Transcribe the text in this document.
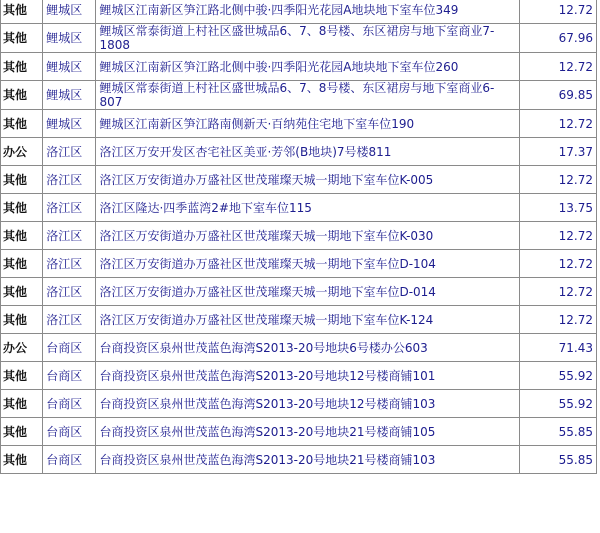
其他	鲤城区	鲤城区江南新区笋江路北侧中骏·四季阳光花园A地块地下室车位349	12.72
其他	鲤城区	鲤城区常泰街道上村社区盛世城品6、7、8号楼、东区裙房与地下室商业7-1808	67.96
其他	鲤城区	鲤城区江南新区笋江路北侧中骏·四季阳光花园A地块地下室车位260	12.72
其他	鲤城区	鲤城区常泰街道上村社区盛世城品6、7、8号楼、东区裙房与地下室商业6-807	69.85
其他	鲤城区	鲤城区江南新区笋江路南侧新天·百纳苑住宅地下室车位190	12.72
办公	洛江区	洛江区万安开发区杏宅社区美亚·芳邻(B地块)7号楼811	17.37
其他	洛江区	洛江区万安街道办万盛社区世茂璀璨天城一期地下室车位K-005	12.72
其他	洛江区	洛江区隆达·四季蓝湾2#地下室车位115	13.75
其他	洛江区	洛江区万安街道办万盛社区世茂璀璨天城一期地下室车位K-030	12.72
其他	洛江区	洛江区万安街道办万盛社区世茂璀璨天城一期地下室车位D-104	12.72
其他	洛江区	洛江区万安街道办万盛社区世茂璀璨天城一期地下室车位D-014	12.72
其他	洛江区	洛江区万安街道办万盛社区世茂璀璨天城一期地下室车位K-124	12.72
办公	台商区	台商投资区泉州世茂蓝色海湾S2013-20号地块6号楼办公603	71.43
其他	台商区	台商投资区泉州世茂蓝色海湾S2013-20号地块12号楼商铺101	55.92
其他	台商区	台商投资区泉州世茂蓝色海湾S2013-20号地块12号楼商铺103	55.92
其他	台商区	台商投资区泉州世茂蓝色海湾S2013-20号地块21号楼商铺105	55.85
其他	台商区	台商投资区泉州世茂蓝色海湾S2013-20号地块21号楼商铺103	55.85
